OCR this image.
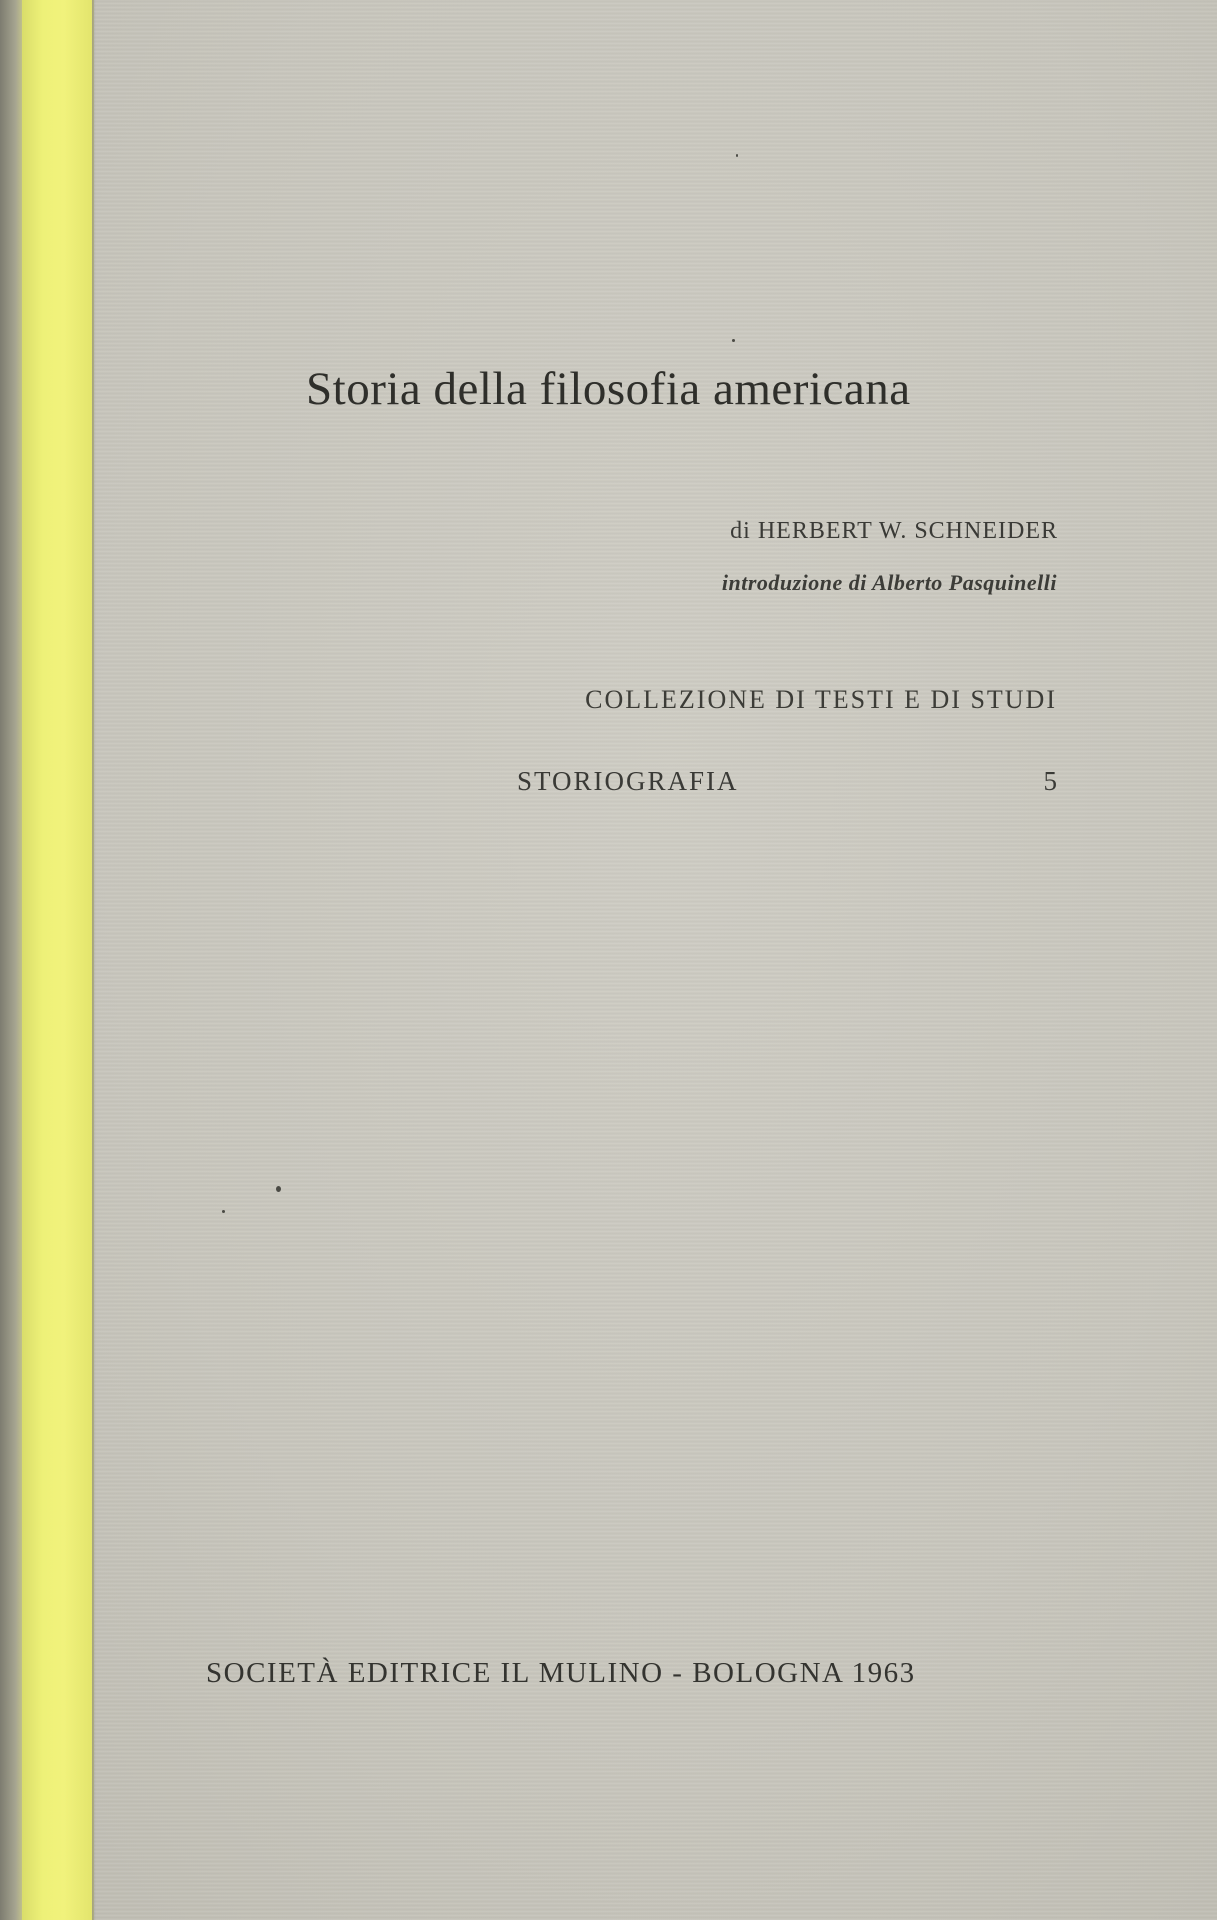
Storia della filosofia americana
di HERBERT W. SCHNEIDER
introduzione di Alberto Pasquinelli
COLLEZIONE DI TESTI E DI STUDI
STORIOGRAFIA	5
SOCIETÀ EDITRICE IL MULINO - BOLOGNA 1963
